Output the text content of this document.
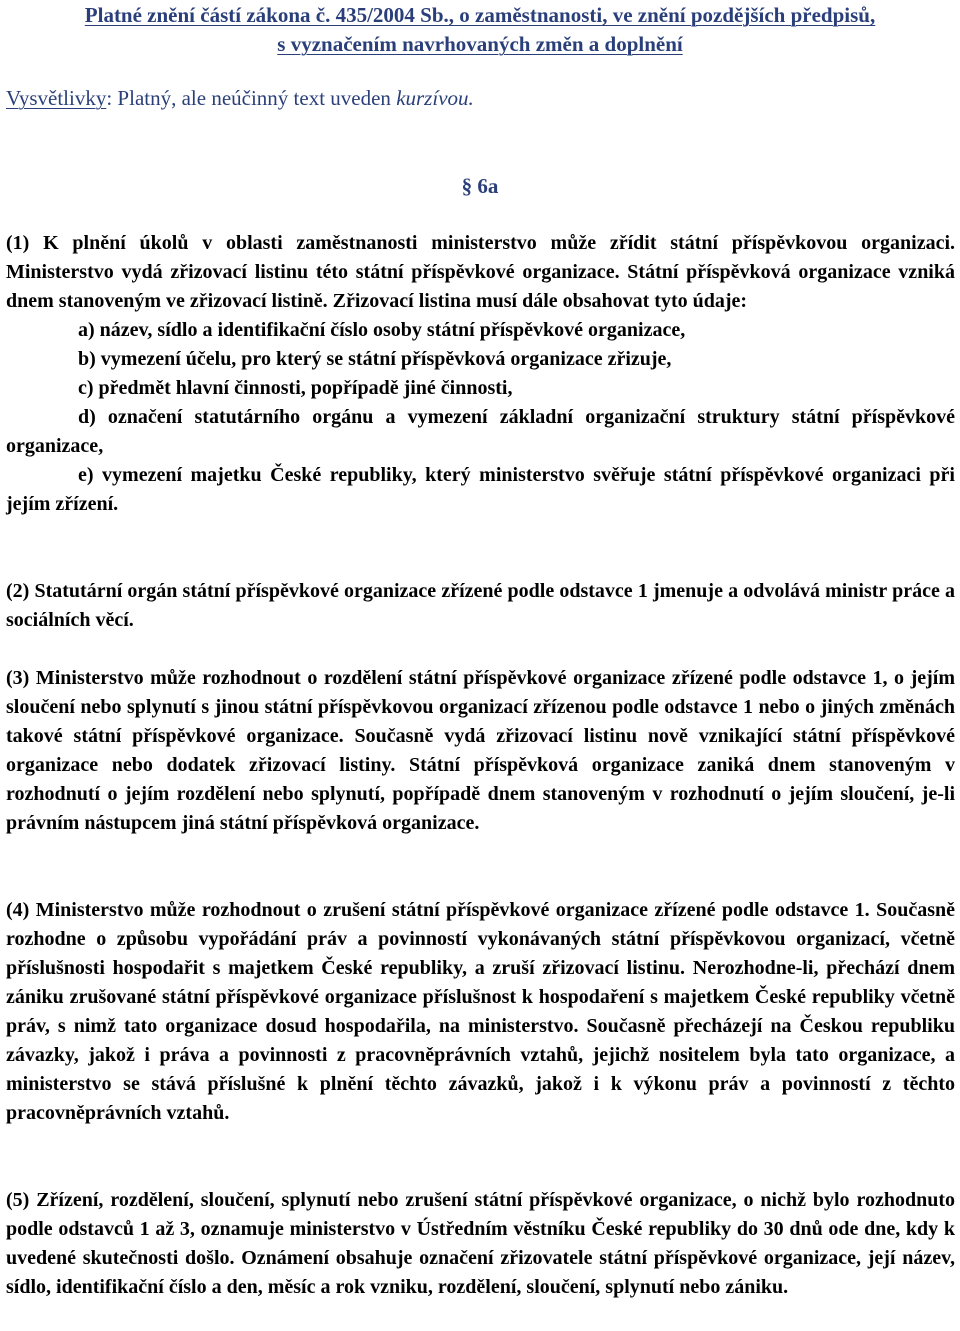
Platné znění částí zákona č. 435/2004 Sb., o zaměstnanosti, ve znění pozdějších předpisů,
s vyznačením navrhovaných změn a doplnění
Vysvětlivky: Platný, ale neúčinný text uveden kurzívou.
§ 6a

(1) K plnění úkolů v oblasti zaměstnanosti ministerstvo může zřídit státní příspěvkovou organizaci. Ministerstvo vydá zřizovací listinu této státní příspěvkové organizace. Státní příspěvková organizace vzniká dnem stanoveným ve zřizovací listině. Zřizovací listina musí dále obsahovat tyto údaje:

a) název, sídlo a identifikační číslo osoby státní příspěvkové organizace,

b) vymezení účelu, pro který se státní příspěvková organizace zřizuje,

c) předmět hlavní činnosti, popřípadě jiné činnosti,

d) označení statutárního orgánu a vymezení základní organizační struktury státní příspěvkové organizace,

e) vymezení majetku České republiky, který ministerstvo svěřuje státní příspěvkové organizaci při jejím zřízení.

(2) Statutární orgán státní příspěvkové organizace zřízené podle odstavce 1 jmenuje a odvolává ministr práce a sociálních věcí.
(3) Ministerstvo může rozhodnout o rozdělení státní příspěvkové organizace zřízené podle odstavce 1, o jejím sloučení nebo splynutí s jinou státní příspěvkovou organizací zřízenou podle odstavce 1 nebo o jiných změnách takové státní příspěvkové organizace. Současně vydá zřizovací listinu nově vznikající státní příspěvkové organizace nebo dodatek zřizovací listiny. Státní příspěvková organizace zaniká dnem stanoveným v rozhodnutí o jejím rozdělení nebo splynutí, popřípadě dnem stanoveným v rozhodnutí o jejím sloučení, je-li právním nástupcem jiná státní příspěvková organizace.
(4) Ministerstvo může rozhodnout o zrušení státní příspěvkové organizace zřízené podle odstavce 1. Současně rozhodne o způsobu vypořádání práv a povinností vykonávaných státní příspěvkovou organizací, včetně příslušnosti hospodařit s majetkem České republiky, a zruší zřizovací listinu. Nerozhodne-li, přechází dnem zániku zrušované státní příspěvkové organizace příslušnost k hospodaření s majetkem České republiky včetně práv, s nimž tato organizace dosud hospodařila, na ministerstvo. Současně přecházejí na Českou republiku závazky, jakož i práva a povinnosti z pracovněprávních vztahů, jejichž nositelem byla tato organizace, a ministerstvo se stává příslušné k plnění těchto závazků, jakož i k výkonu práv a povinností z těchto pracovněprávních vztahů.
(5) Zřízení, rozdělení, sloučení, splynutí nebo zrušení státní příspěvkové organizace, o nichž bylo rozhodnuto podle odstavců 1 až 3, oznamuje ministerstvo v Ústředním věstníku České republiky do 30 dnů ode dne, kdy k uvedené skutečnosti došlo. Oznámení obsahuje označení zřizovatele státní příspěvkové organizace, její název, sídlo, identifikační číslo a den, měsíc a rok vzniku, rozdělení, sloučení, splynutí nebo zániku.
